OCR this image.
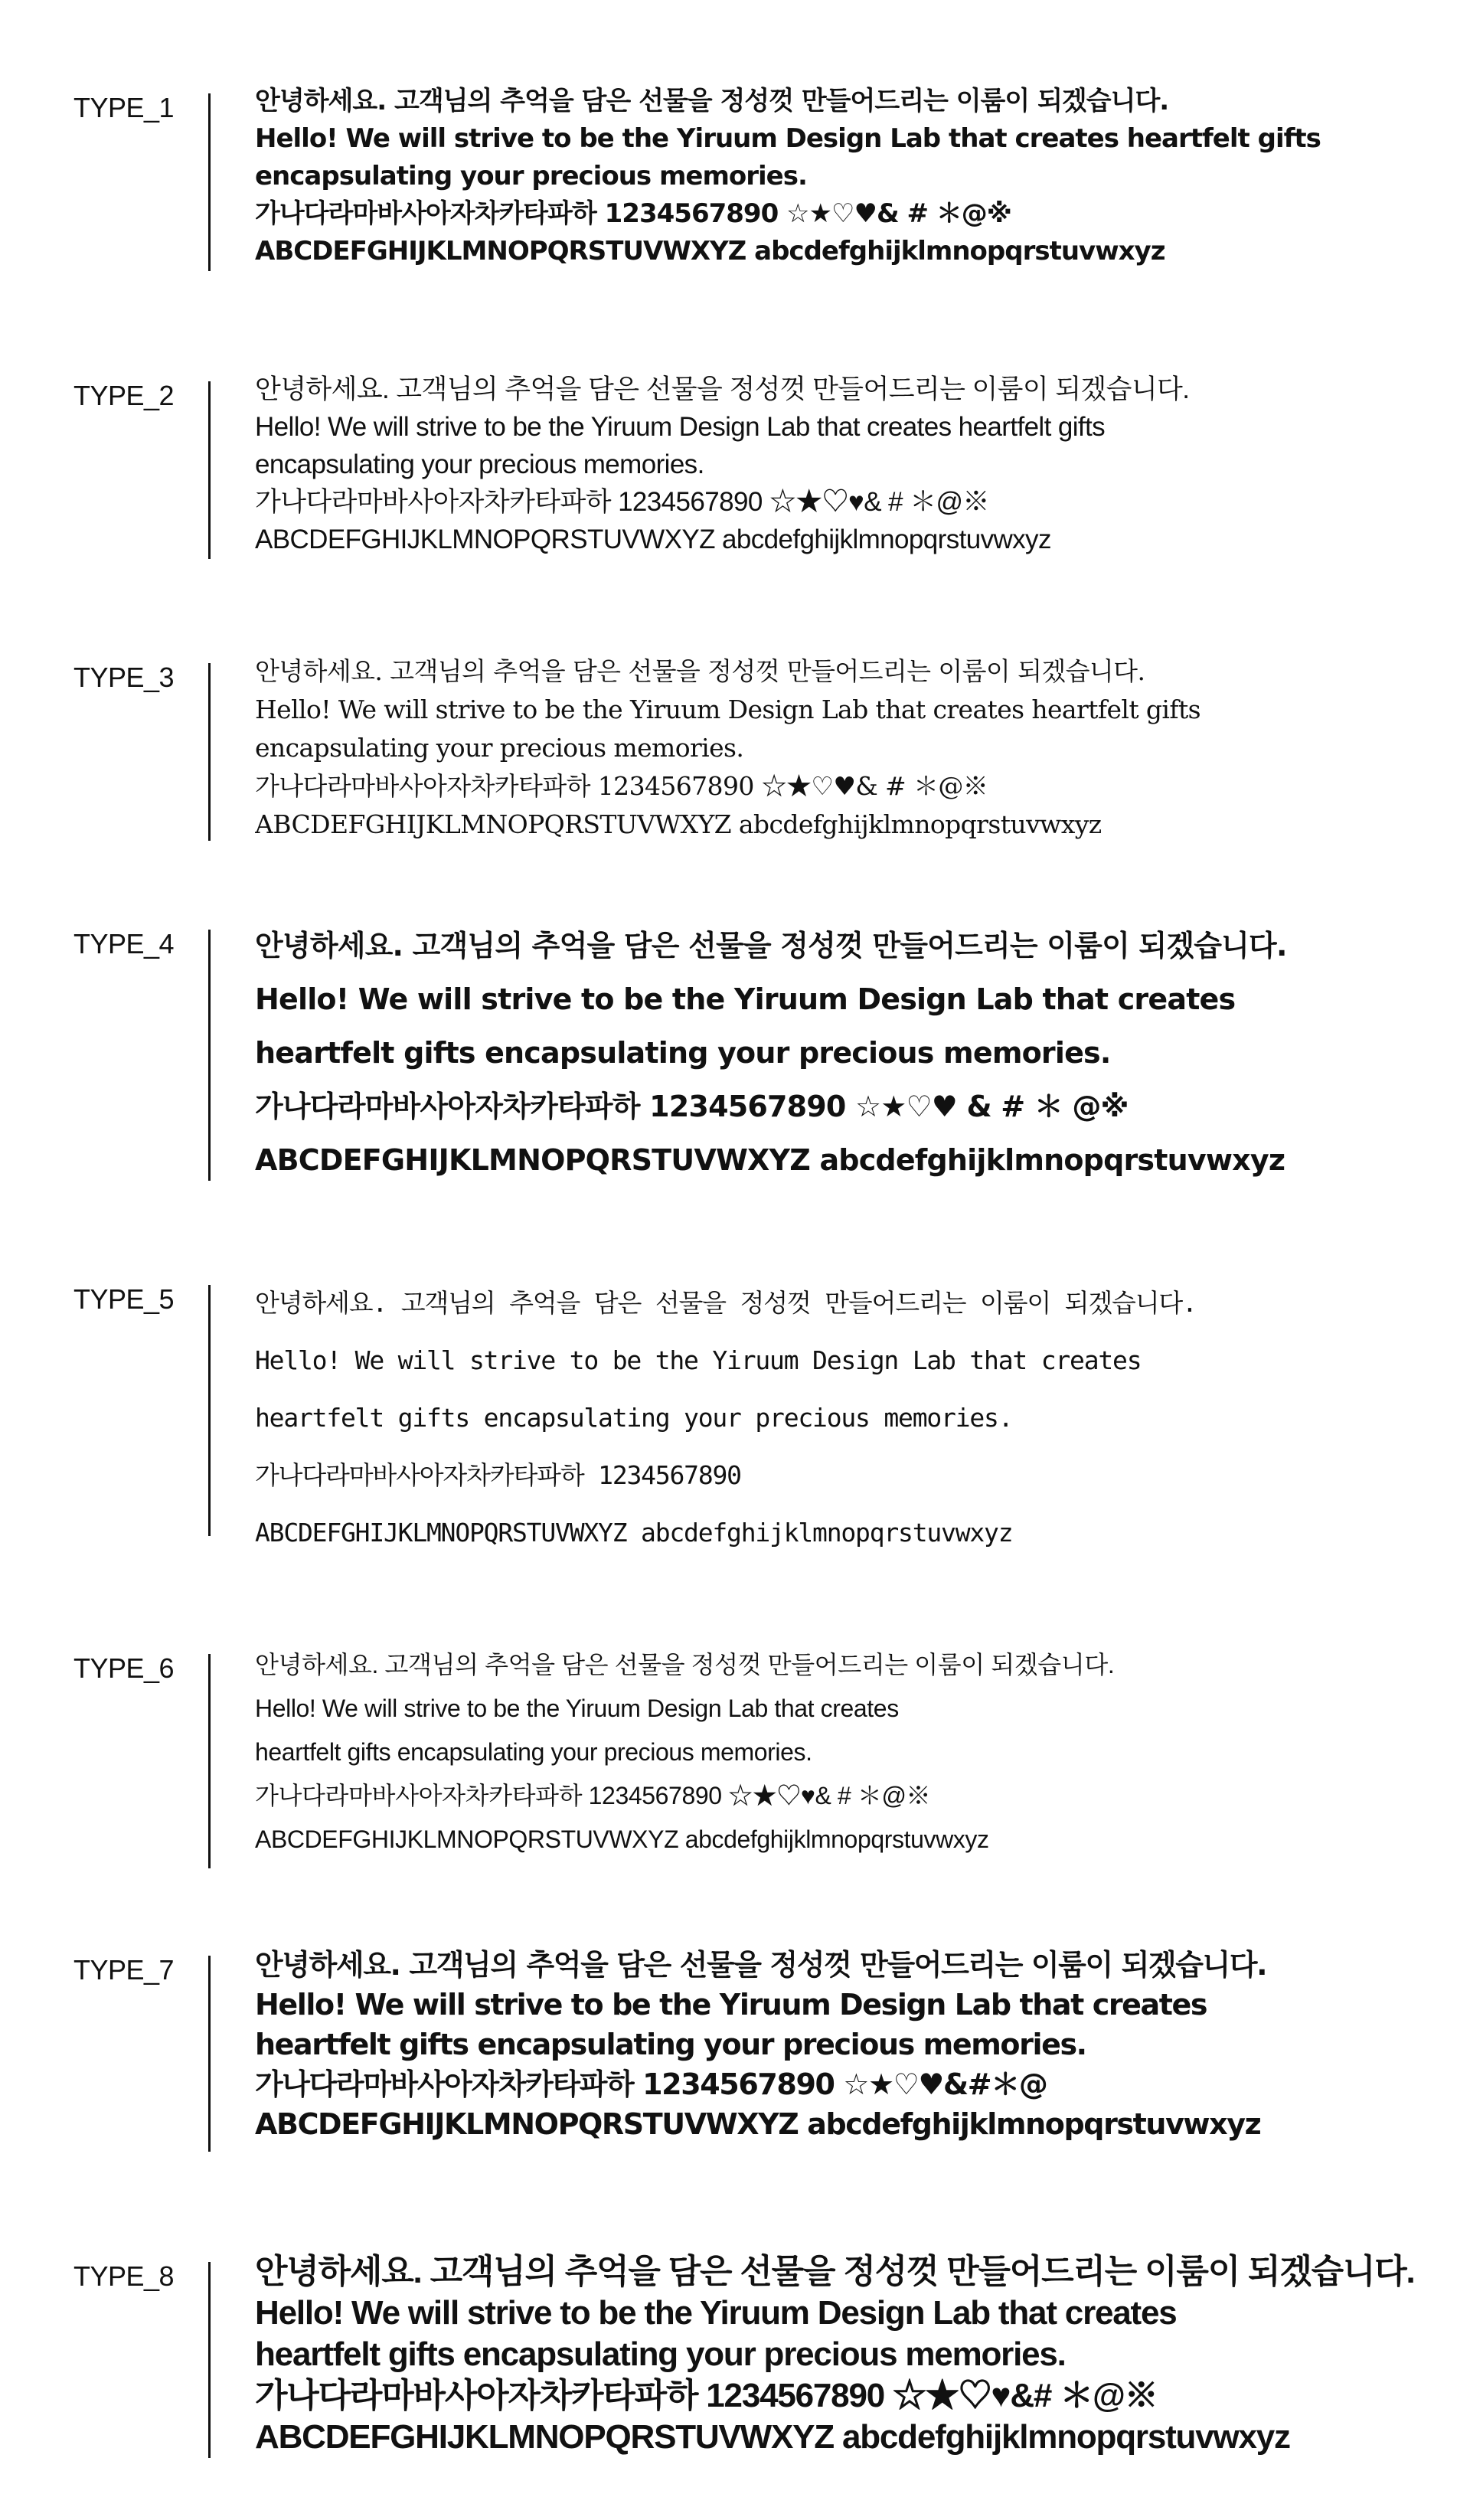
TYPE_1	안녕하세요. 고객님의 추억을 담은 선물을 정성껏 만들어드리는 이룸이 되겠습니다.
Hello! We will strive to be the Yiruum Design Lab that creates heartfelt gifts
encapsulating your precious memories.
가나다라마바사아자차카타파하 1234567890 ☆★♡♥& # ＊@※
ABCDEFGHIJKLMNOPQRSTUVWXYZ abcdefghijklmnopqrstuvwxyz
TYPE_2	안녕하세요. 고객님의 추억을 담은 선물을 정성껏 만들어드리는 이룸이 되겠습니다.
Hello! We will strive to be the Yiruum Design Lab that creates heartfelt gifts
encapsulating your precious memories.
가나다라마바사아자차카타파하 1234567890 ☆★♡♥& # ＊@※
ABCDEFGHIJKLMNOPQRSTUVWXYZ abcdefghijklmnopqrstuvwxyz
TYPE_3	안녕하세요. 고객님의 추억을 담은 선물을 정성껏 만들어드리는 이룸이 되겠습니다.
Hello! We will strive to be the Yiruum Design Lab that creates heartfelt gifts
encapsulating your precious memories.
가나다라마바사아자차카타파하 1234567890 ☆★♡♥& # ＊@※
ABCDEFGHIJKLMNOPQRSTUVWXYZ abcdefghijklmnopqrstuvwxyz
TYPE_4	안녕하세요. 고객님의 추억을 담은 선물을 정성껏 만들어드리는 이룸이 되겠습니다.
Hello! We will strive to be the Yiruum Design Lab that creates
heartfelt gifts encapsulating your precious memories.
가나다라마바사아자차카타파하 1234567890 ☆★♡♥ & # ＊ @※
ABCDEFGHIJKLMNOPQRSTUVWXYZ abcdefghijklmnopqrstuvwxyz
TYPE_5	안녕하세요. 고객님의 추억을 담은 선물을 정성껏 만들어드리는 이룸이 되겠습니다.
Hello! We will strive to be the Yiruum Design Lab that creates
heartfelt gifts encapsulating your precious memories.
가나다라마바사아자차카타파하 1234567890
ABCDEFGHIJKLMNOPQRSTUVWXYZ abcdefghijklmnopqrstuvwxyz
TYPE_6	안녕하세요. 고객님의 추억을 담은 선물을 정성껏 만들어드리는 이룸이 되겠습니다.
Hello! We will strive to be the Yiruum Design Lab that creates
heartfelt gifts encapsulating your precious memories.
가나다라마바사아자차카타파하 1234567890 ☆★♡♥& # ＊@※
ABCDEFGHIJKLMNOPQRSTUVWXYZ abcdefghijklmnopqrstuvwxyz
TYPE_7	안녕하세요. 고객님의 추억을 담은 선물을 정성껏 만들어드리는 이룸이 되겠습니다.
Hello! We will strive to be the Yiruum Design Lab that creates
heartfelt gifts encapsulating your precious memories.
가나다라마바사아자차카타파하 1234567890 ☆★♡♥&#＊@
ABCDEFGHIJKLMNOPQRSTUVWXYZ abcdefghijklmnopqrstuvwxyz
TYPE_8 안녕하세요. 고객님의 추억을 담은 선물을 정성껏 만들어드리는 이룸이 되겠습니다.
Hello! We will strive to be the Yiruum Design Lab that creates
heartfelt gifts encapsulating your precious memories.
가나다라마바사아자차카타파하 1234567890 ☆★♡♥&# ＊@※
ABCDEFGHIJKLMNOPQRSTUVWXYZ abcdefghijklmnopqrstuvwxyz
